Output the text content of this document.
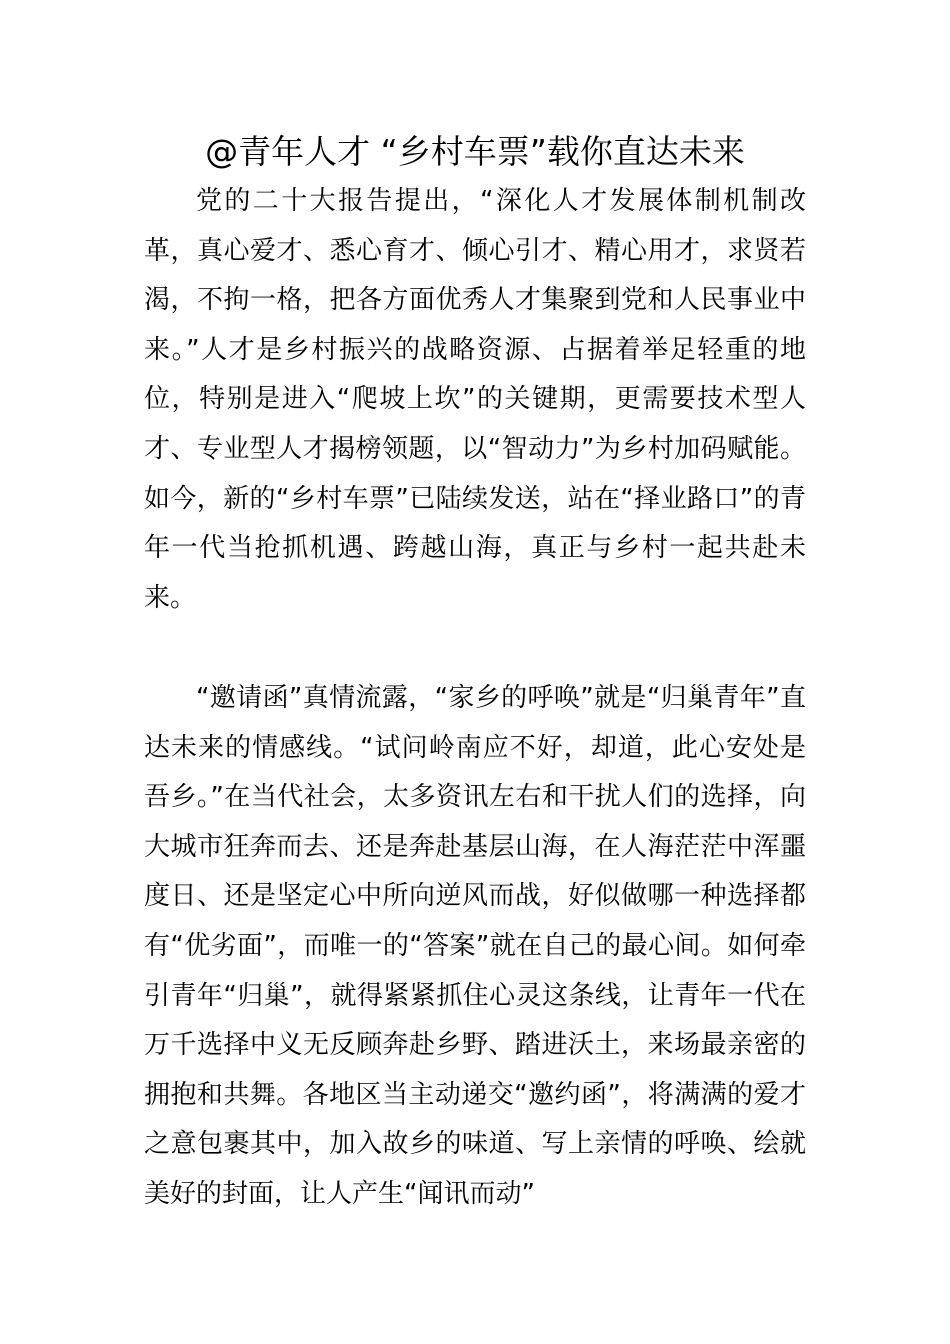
@青年人才 “乡村车票”载你直达未来

党的二十大报告提出，“深化人才发展体制机制改革，真心爱才、悉心育才、倾心引才、精心用才，求贤若渴，不拘一格，把各方面优秀人才集聚到党和人民事业中来。”人才是乡村振兴的战略资源、占据着举足轻重的地位，特别是进入“爬坡上坎”的关键期，更需要技术型人才、专业型人才揭榜领题，以“智动力”为乡村加码赋能。如今，新的“乡村车票”已陆续发送，站在“择业路口”的青年一代当抢抓机遇、跨越山海，真正与乡村一起共赴未来。

“邀请函”真情流露，“家乡的呼唤”就是“归巢青年”直达未来的情感线。“试问岭南应不好，却道，此心安处是吾乡。”在当代社会，太多资讯左右和干扰人们的选择，向大城市狂奔而去、还是奔赴基层山海，在人海茫茫中浑噩度日、还是坚定心中所向逆风而战，好似做哪一种选择都有“优劣面”，而唯一的“答案”就在自己的最心间。如何牵引青年“归巢”，就得紧紧抓住心灵这条线，让青年一代在万千选择中义无反顾奔赴乡野、踏进沃土，来场最亲密的拥抱和共舞。各地区当主动递交“邀约函”，将满满的爱才之意包裹其中，加入故乡的味道、写上亲情的呼唤、绘就美好的封面，让人产生“闻讯而动”
